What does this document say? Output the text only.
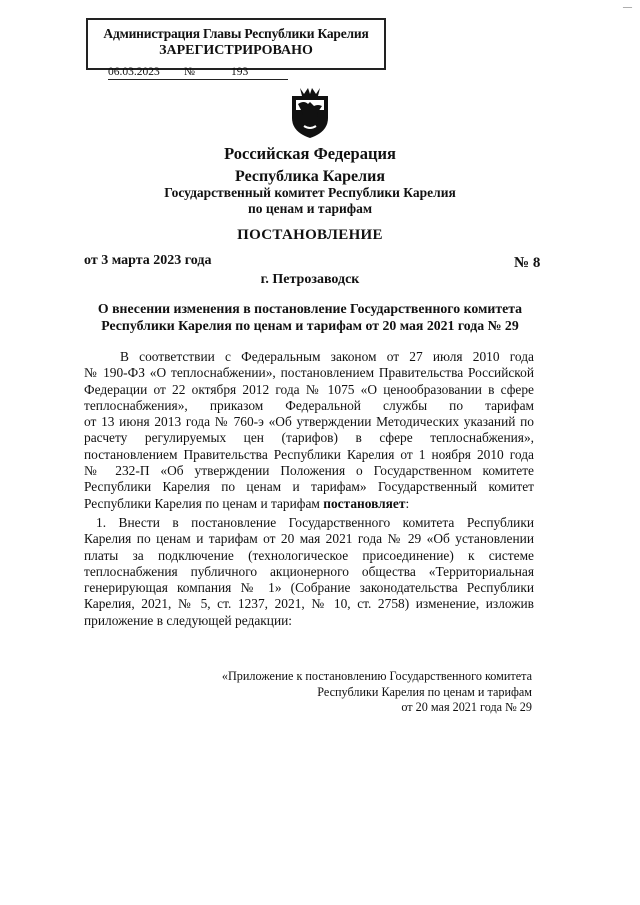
—
Администрация Главы Республики Карелия
ЗАРЕГИСТРИРОВАНО
06.03.2023	№	193
Российская Федерация
Республика Карелия
Государственный комитет Республики Карелия
по ценам и тарифам
ПОСТАНОВЛЕНИЕ
от 3 марта 2023 года	№ 8
г. Петрозаводск
О внесении изменения в постановление Государственного комитета
Республики Карелия по ценам и тарифам от 20 мая 2021 года № 29
В соответствии с Федеральным законом от 27 июля 2010 года
№ 190-ФЗ «О теплоснабжении», постановлением Правительства Российской
Федерации от 22 октября 2012 года № 1075 «О ценообразовании в сфере
теплоснабжения», приказом Федеральной службы по тарифам
от 13 июня 2013 года № 760-э «Об утверждении Методических указаний по
расчету регулируемых цен (тарифов) в сфере теплоснабжения»,
постановлением Правительства Республики Карелия от 1 ноября 2010 года
№ 232-П «Об утверждении Положения о Государственном комитете
Республики Карелия по ценам и тарифам» Государственный комитет
Республики Карелия по ценам и тарифам постановляет:
1. Внести в постановление Государственного комитета Республики
Карелия по ценам и тарифам от 20 мая 2021 года № 29 «Об установлении
платы за подключение (технологическое присоединение) к системе
теплоснабжения публичного акционерного общества «Территориальная
генерирующая компания № 1» (Собрание законодательства Республики
Карелия, 2021, № 5, ст. 1237, 2021, № 10, ст. 2758) изменение, изложив
приложение в следующей редакции:
«Приложение к постановлению Государственного комитета
Республики Карелия по ценам и тарифам
от 20 мая 2021 года № 29
